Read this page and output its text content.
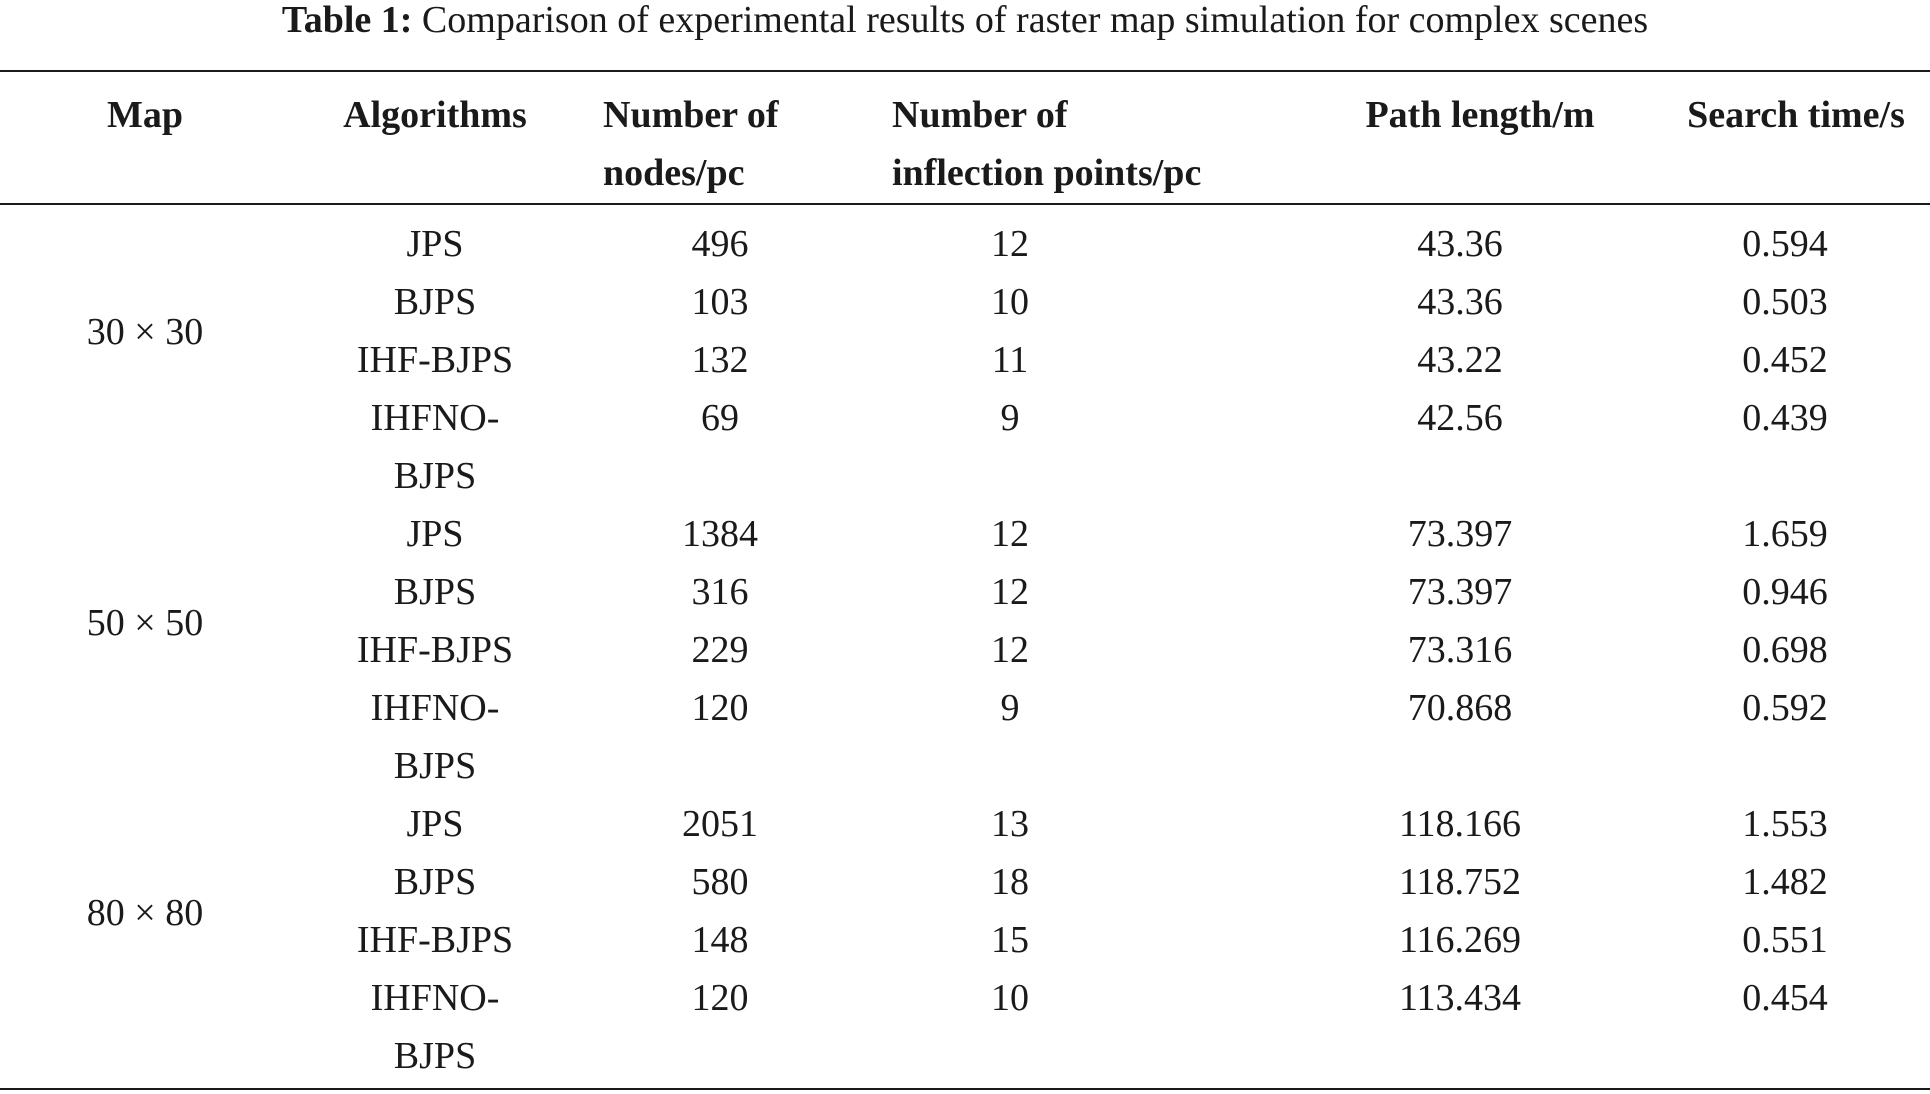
Table 1: Comparison of experimental results of raster map simulation for complex scenes
Map	Algorithms	Number of
nodes/pc
Number of
inflection points/pc
Path length/m	Search time/s
30 × 30
JPS	496	12	43.36	0.594
BJPS	103	10	43.36	0.503
IHF-BJPS	132	11	43.22	0.452
IHFNO-	69	9	42.56	0.439
BJPS
50 × 50
JPS	1384	12	73.397	1.659
BJPS	316	12	73.397	0.946
IHF-BJPS	229	12	73.316	0.698
IHFNO-	120	9	70.868	0.592
BJPS
80 × 80
JPS	2051	13	118.166	1.553
BJPS	580	18	118.752	1.482
IHF-BJPS	148	15	116.269	0.551
IHFNO-	120	10	113.434	0.454
BJPS
